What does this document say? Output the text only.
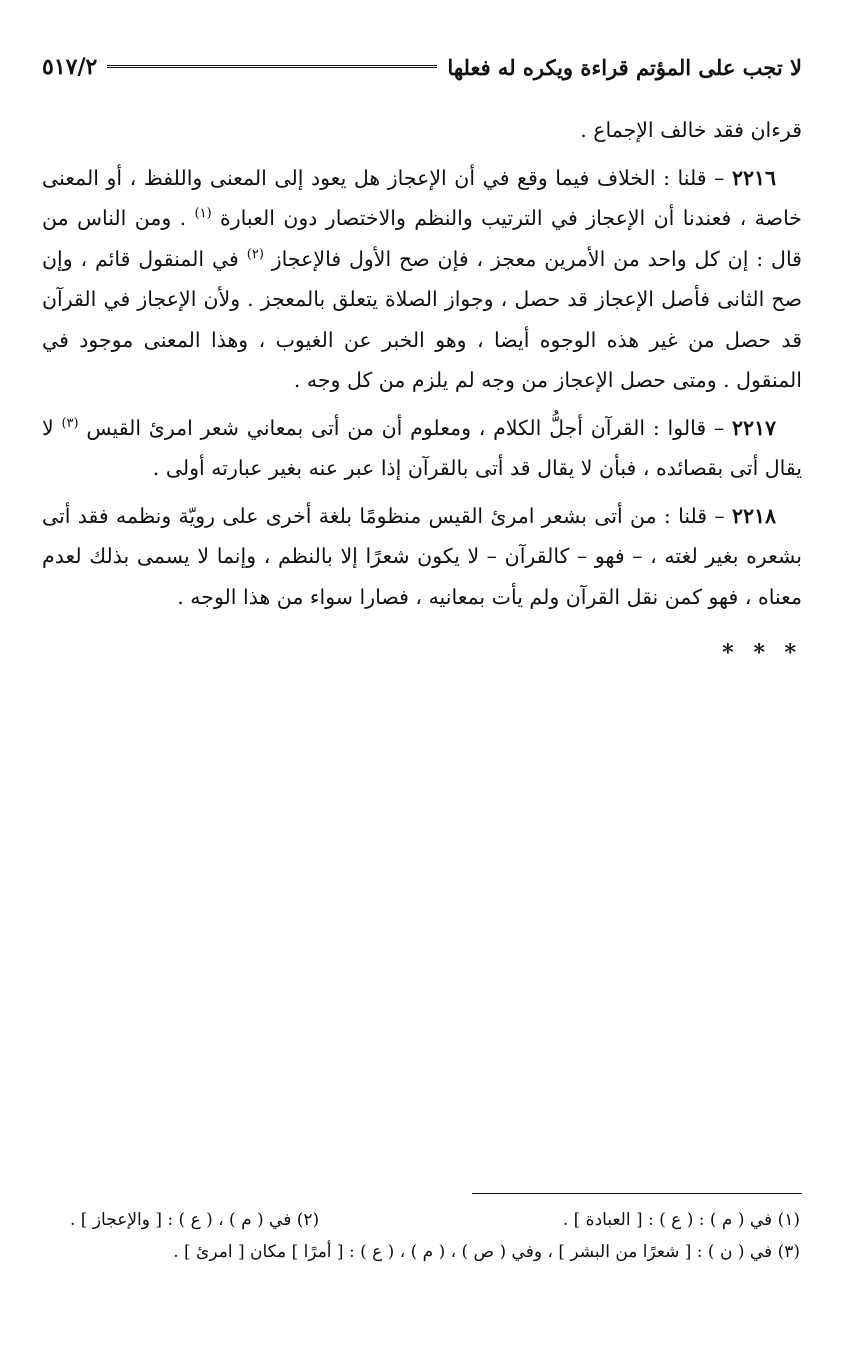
لا تجب على المؤتم قراءة ويكره له فعلها
٥١٧/٢

قرءان فقد خالف الإجماع .

٢٢١٦ – قلنا : الخلاف فيما وقع في أن الإعجاز هل يعود إلى المعنى واللفظ ، أو المعنى خاصة ، فعندنا أن الإعجاز في الترتيب والنظم والاختصار دون العبارة $^{(١)}$ . ومن الناس من قال : إن كل واحد من الأمرين معجز ، فإن صح الأول فالإعجاز $^{(٢)}$ في المنقول قائم ، وإن صح الثانى فأصل الإعجاز قد حصل ، وجواز الصلاة يتعلق بالمعجز . ولأن الإعجاز في القرآن قد حصل من غير هذه الوجوه أيضا ، وهو الخبر عن الغيوب ، وهذا المعنى موجود في المنقول . ومتى حصل الإعجاز من وجه لم يلزم من كل وجه .

٢٢١٧ – قالوا : القرآن أجلُّ الكلام ، ومعلوم أن من أتى بمعاني شعر امرئ القيس $^{(٣)}$ لا يقال أتى بقصائده ، فبأن لا يقال قد أتى بالقرآن إذا عبر عنه بغير عبارته أولى .

٢٢١٨ – قلنا : من أتى بشعر امرئ القيس منظومًا بلغة أخرى على رويّة ونظمه فقد أتى بشعره بغير لغته ، – فهو – كالقرآن – لا يكون شعرًا إلا بالنظم ، وإنما لا يسمى بذلك لعدم معناه ، فهو كمن نقل القرآن ولم يأت بمعانيه ، فصارا سواء من هذا الوجه .

* * *
(١) في ( م ) : ( ع ) : [ العبادة ] .
(٢) في ( م ) ، ( ع ) : [ والإعجاز ] .
(٣) في ( ن ) : [ شعرًا من البشر ] ، وفي ( ص ) ، ( م ) ، ( ع ) : [ أمرًا ] مكان [ امرئ ] .
